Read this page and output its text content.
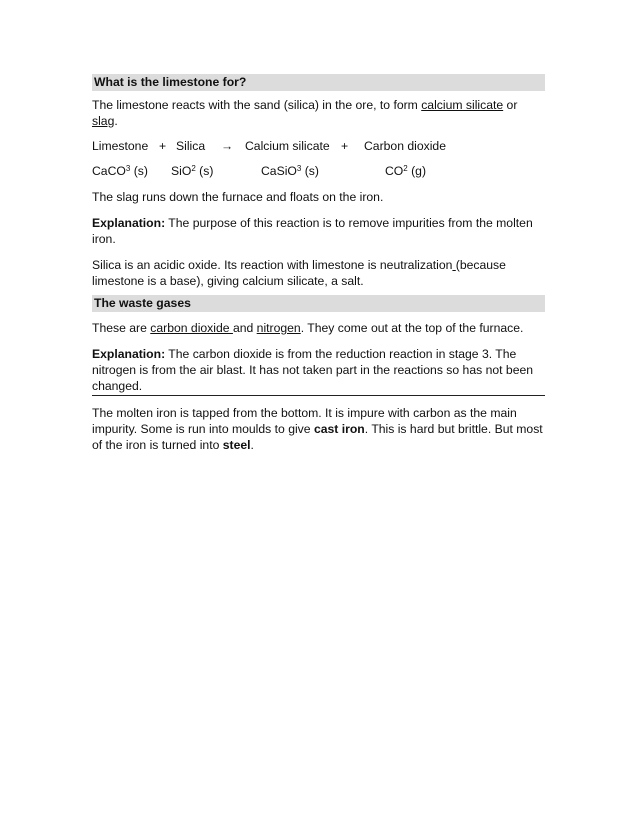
What is the limestone for?
The limestone reacts with the sand (silica) in the ore, to form calcium silicate or slag.
Limestone + Silica → Calcium silicate + Carbon dioxide
CaCO$^3$ (s) SiO$^2$ (s)	CaSiO$^3$ (s)	$CO^2$ (g)
The slag runs down the furnace and floats on the iron.
Explanation: The purpose of this reaction is to remove impurities from the molten iron.
Silica is an acidic oxide. Its reaction with limestone is neutralization (because limestone is a base), giving calcium silicate, a salt.
The waste gases
These are carbon dioxide and nitrogen. They come out at the top of the furnace.
Explanation: The carbon dioxide is from the reduction reaction in stage 3. The nitrogen is from the air blast. It has not taken part in the reactions so has not been changed.
The molten iron is tapped from the bottom. It is impure with carbon as the main impurity. Some is run into moulds to give cast iron. This is hard but brittle. But most of the iron is turned into steel.
